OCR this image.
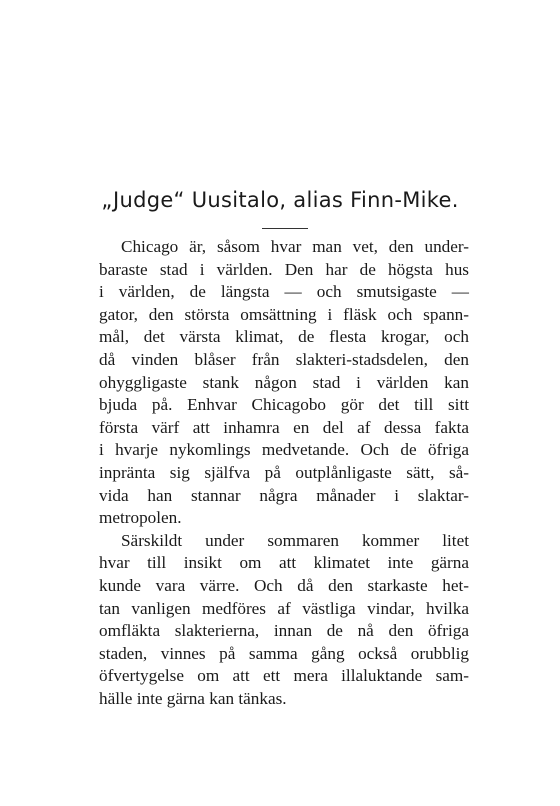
„Judge“ Uusitalo, alias Finn-Mike.
Chicago är, såsom hvar man vet, den under-
baraste stad i världen. Den har de högsta hus
i världen, de längsta — och smutsigaste —
gator, den största omsättning i fläsk och spann-
mål, det värsta klimat, de flesta krogar, och
då vinden blåser från slakteri-stadsdelen, den
ohyggligaste stank någon stad i världen kan
bjuda på. Enhvar Chicagobo gör det till sitt
första värf att inhamra en del af dessa fakta
i hvarje nykomlings medvetande. Och de öfriga
inpränta sig själfva på outplånligaste sätt, så-
vida han stannar några månader i slaktar-
metropolen.
Särskildt under sommaren kommer litet
hvar till insikt om att klimatet inte gärna
kunde vara värre. Och då den starkaste het-
tan vanligen medföres af västliga vindar, hvilka
omfläkta slakterierna, innan de nå den öfriga
staden, vinnes på samma gång också orubblig
öfvertygelse om att ett mera illaluktande sam-
hälle inte gärna kan tänkas.
